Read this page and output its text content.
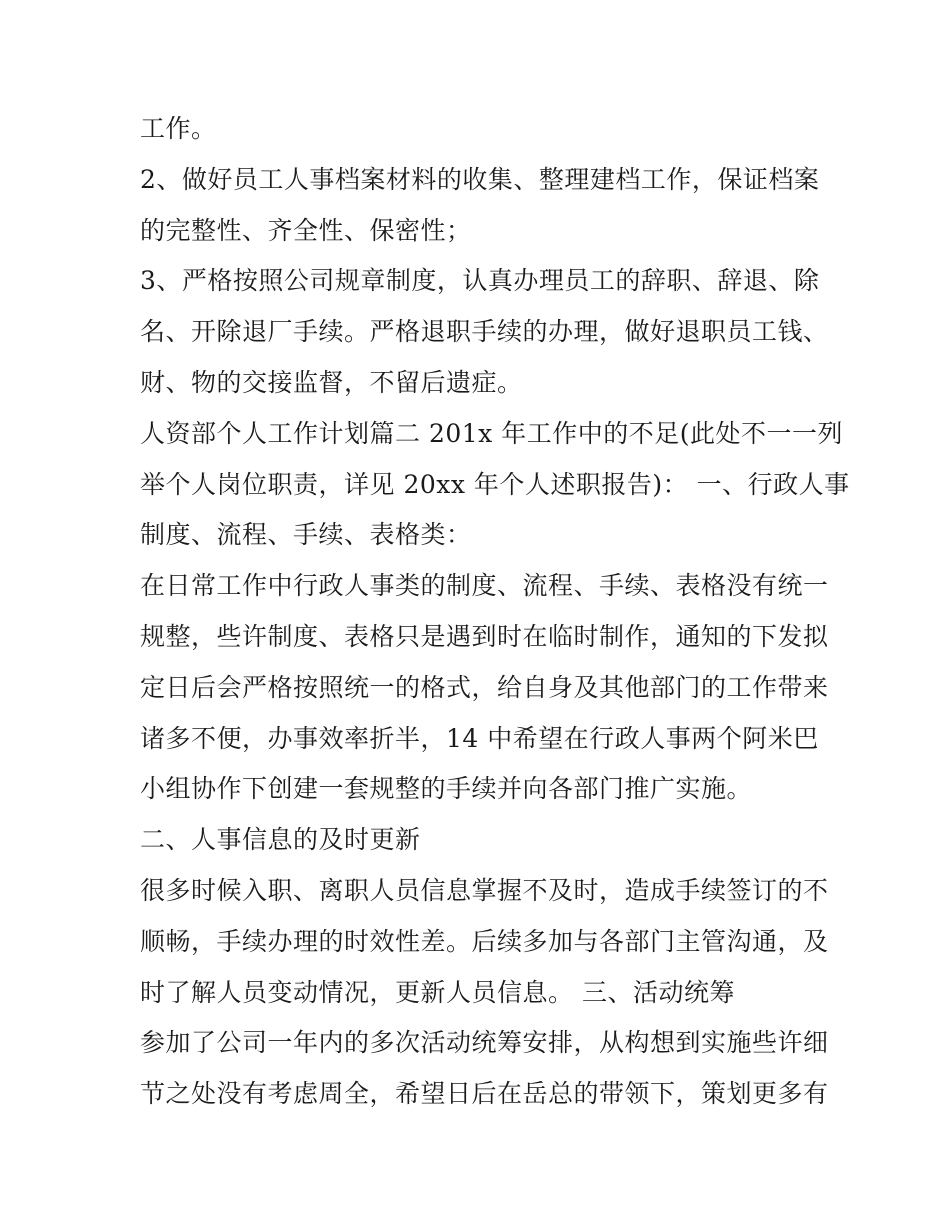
工作。
2、做好员工人事档案材料的收集、整理建档工作，保证档案
的完整性、齐全性、保密性；
3、严格按照公司规章制度，认真办理员工的辞职、辞退、除
名、开除退厂手续。严格退职手续的办理，做好退职员工钱、
财、物的交接监督，不留后遗症。
人资部个人工作计划篇二 201x 年工作中的不足(此处不一一列
举个人岗位职责，详见 20xx 年个人述职报告)： 一、行政人事
制度、流程、手续、表格类：
在日常工作中行政人事类的制度、流程、手续、表格没有统一
规整，些许制度、表格只是遇到时在临时制作，通知的下发拟
定日后会严格按照统一的格式，给自身及其他部门的工作带来
诸多不便，办事效率折半，14 中希望在行政人事两个阿米巴
小组协作下创建一套规整的手续并向各部门推广实施。
二、人事信息的及时更新
很多时候入职、离职人员信息掌握不及时，造成手续签订的不
顺畅，手续办理的时效性差。后续多加与各部门主管沟通，及
时了解人员变动情况，更新人员信息。 三、活动统筹
参加了公司一年内的多次活动统筹安排，从构想到实施些许细
节之处没有考虑周全，希望日后在岳总的带领下，策划更多有
